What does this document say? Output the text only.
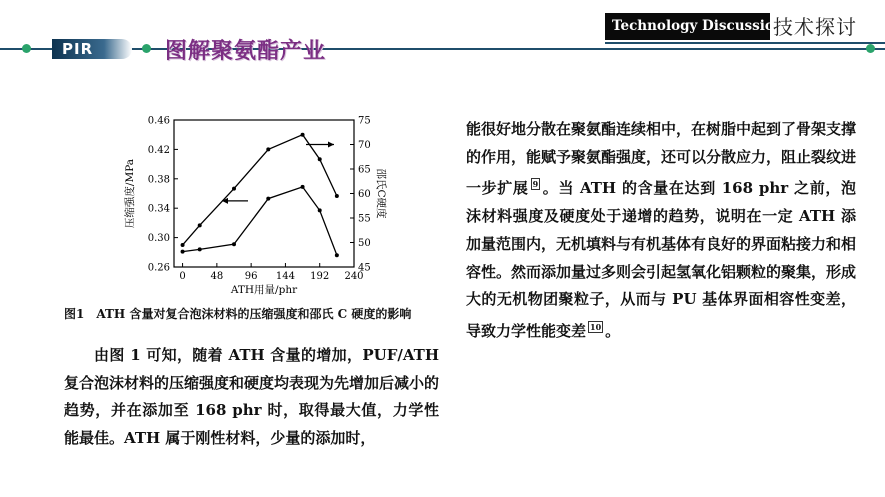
PIR	图解聚氨酯产业
Technology Discussion
技术探讨
0 48 96 144 192 240
0.26
0.30
0.34
0.38
0.42
0.46
45
50
55
60
65
70
75
ATH用量/phr
压缩强度/MPa	邵氏C硬度
图1　ATH 含量对复合泡沫材料的压缩强度和邵氏 C 硬度的影响
由图 1 可知，随着 ATH 含量的增加，PUF/ATH 复合泡沫材料的压缩强度和硬度均表现为先增加后减小的趋势，并在添加至 168 phr 时，取得最大值，力学性能最佳。ATH 属于刚性材料，少量的添加时，
能很好地分散在聚氨酯连续相中，在树脂中起到了骨架支撑的作用，能赋予聚氨酯强度，还可以分散应力，阻止裂纹进一步扩展 $^9$ 。当 ATH 的含量在达到 168 phr 之前，泡沫材料强度及硬度处于递增的趋势，说明在一定 ATH 添加量范围内，无机填料与有机基体有良好的界面粘接力和相容性。然而添加量过多则会引起氢氧化铝颗粒的聚集，形成大的无机物团聚粒子，从而与 PU 基体界面相容性变差，导致力学性能变差 $^{10}$ 。
